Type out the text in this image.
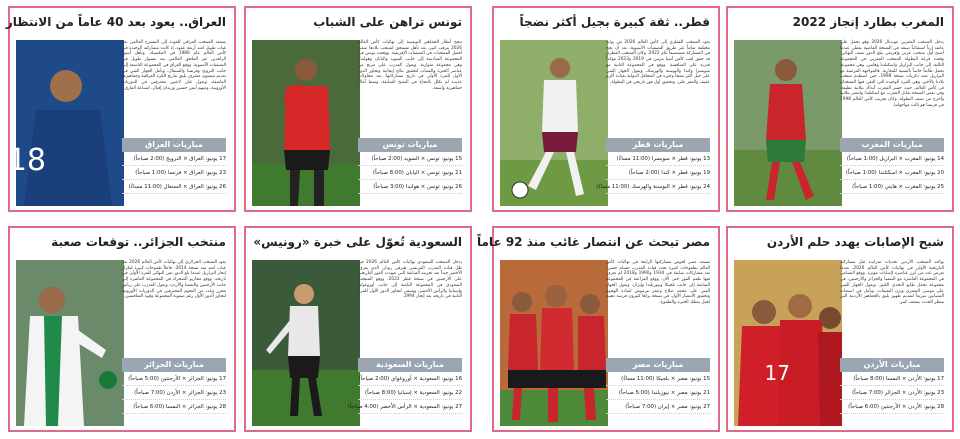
المغرب بطارد إنجاز 2022
يدخل المنتخب المغربي مونديال 2026 وهو يحمل على عاتقه إرثاً استثنائياً صنعه في النسخة الماضية بقطر، عندما أصبح أول منتخب عربي وإفريقي يبلغ الدور نصف النهائي. وقعت قرعة البطولة المنتخب المغربي في المجموعة الثالثة، إلى جانب البرازيل واسكتلندا وهايتي، وهي مجموعة تحمل طابعاً خاصاً بالنسبة للمغاربة. فالمواجهة المرتقبة مع البرازيل تعيد ذكريات نسخة 1998، حين اصطدم منتخب بلادنا بالأخير، وهي المرة الوحيدة التي التقى فيها المنتخبان في كأس العالم، حيث خسر المغرب آنذاك بثلاثية نظيفة. وفي نفس النسخة تقابل المغرب مع اسكتلندا وانتصر بثلاثية وأخرج من نصف البطولة، وكان تجريب كأس العالم 1998 في فرنسا هو ثالث مواجهاتنا.
مباريات المغرب
14 يونيو: المغرب × البرازيل (1:00 صباحاً)
20 يونيو: المغرب × اسكتلندا (1:00 صباحاً)
25 يونيو: المغرب × هايتي (1:00 صباحاً)
قطر.. ثقة كبيرة بجيل أكثر نضجاً
يعود المنتخب القطري إلى كأس العالم 2026 من بوابة مختلفة تماماً عبر طريق التصفيات الآسيوية، بعد أن نجح في المشاركة مستضيفاً عام 2022. وكان المنتخب القطري قد حقق لقب كأس آسيا مرتين في 2019 و2023 مؤكداً قدرته على المنافسة. ووقع في المجموعة الثانية مع سويسرا وكندا والبوسنة والهرسك، ويعول الجهاز الفني على جيل أكثر نضجاً وخبرة في المحافل الدولية بقيادة أكرم عفيف والمعز علي، وتحقيق أول فوز تاريخي في البطولة.
مباريات قطر
13 يونيو: قطر × سويسرا (11:00 مساءً)
19 يونيو: قطر × كندا (2:00 صباحاً)
24 يونيو: قطر × البوسنة والهرسك (11:00 مساءً)
تونس تراهن على الشباب
تنجح أنظار الجماهير التونسية إلى نهائيات كأس العالم 2026 بترقب كبير، بعد تأهل مستحق لمنتخب بلادها ضمن أفضل المنتخبات في التصفيات الإفريقية. ووقعت تونس في المجموعة السادسة إلى جانب السويد واليابان وهولندا، وهي مجموعة متوازنة. ويعول المدرب على مزيج من عناصر الخبرة والشباب لتحقيق نتائج إيجابية وتجاوز الدور الأول للمرة الأولى في تاريخ مشاركاتها، بعد محاولات عديدة لم تكلل بالنجاح في النسخ السابقة، وسط آمال جماهيرية واسعة.
مباريات تونس
15 يونيو: تونس × السويد (2:00 صباحاً)
21 يونيو: تونس × اليابان (8:00 صباحاً)
26 يونيو: تونس × هولندا (3:00 صباحاً)
العراق.. يعود بعد 40 عاماً من الانتظار
18
يستعد المنتخب العراقي للعودة إلى المسرح العالمي بعد غياب طويل امتد أربعة عقود، إذ كانت مشاركته الوحيدة في كأس العالم عام 1986 في المكسيك. وتأهل أسود الرافدين عبر الملحق العالمي بعد مشوار طويل في التصفيات الآسيوية. ووقع العراق في المجموعة التاسعة إلى جانب النرويج وفرنسا والسنغال، ويأمل الجهاز الفني في تقديم مستوى مشرف يليق بتاريخ الكرة العراقية وجماهيرها العاشقة، ويعول على لاعبين محترفين في الدوريات الأوروبية، ومنهم أيمن حسين وزيدان إقبال، لصناعة الفارق.
مباريات العراق
17 يونيو: العراق × النرويج (2:00 صباحاً)
23 يونيو: العراق × فرنسا (1:00 صباحاً)
26 يونيو: العراق × السنغال (11:00 مساءً)
شبح الإصابات يهدد حلم الأردن
17
يواجه المنتخب الأردني تحديات متزايدة قبل مشاركته التاريخية الأولى في نهائيات كأس العالم 2026، بعدما تعرض عدد من أبرز عناصره لإصابات مؤثرة. ووقع النشامى في المجموعة العاشرة مع النمسا والجزائر والأرجنتين، في مجموعة تحمل طابع التحدي الكبير. ويعول الجهاز الفني على موسى التعمري ويزن النعيمات، ويأمل في استعادة المصابين سريعاً لتقديم ظهور يليق بالجماهير الأردنية التي تنتظر الحدث بشغف كبير.
مباريات الأردن
17 يونيو: الأردن × النمسا (8:00 صباحاً)
23 يونيو: الأردن × الجزائر (7:00 صباحاً)
28 يونيو: الأردن × الأرجنتين (6:00 صباحاً)
مصر تبحث عن انتصار غائب منذ 92 عاماً
تستعد مصر لخوض مشاركتها الرابعة في نهائيات كأس العالم بطموحات كبيرة تحت قيادة المدرب حسام حسن، بعد مشاركات سابقة في 1934 و1990 و2018 لم تعرف فيها طعم الفوز حتى الآن. ووقع الفراعنة في المجموعة السابعة إلى جانب بلجيكا ونيوزيلندا وإيران، ويعول الجهاز الفني على محمد صلاح وعمر مرموش لقيادة الهجوم وتحقيق الانتصار الأول، في نسخة يراها كثيرون فرصة ذهبية لجيل يمتلك الخبرة والطموح.
مباريات مصر
15 يونيو: مصر × بلجيكا (11:00 مساءً)
21 يونيو: مصر × نيوزيلندا (5:00 صباحاً)
27 يونيو: مصر × إيران (7:00 صباحاً)
السعودية تُعوّل على خبرة «رونيس»
يدخل المنتخب السعودي نهائيات كأس العالم 2026 في ظل قيادة المدرب الفرنسي هيرفي رونار، الذي يعرف الأخضر جيداً بعد تجربته السابقة التي شهدت الفوز التاريخي على الأرجنتين في نسخة قطر 2022. ووقع المنتخب السعودي في المجموعة الثامنة إلى جانب أوروغواي وإسبانيا والرأس الأخضر، ويسعى لتجاوز الدور الأول للمرة الثانية في تاريخه بعد إنجاز 1994.
مباريات السعودية
16 يونيو: السعودية × أوروغواي (2:00 صباحاً)
22 يونيو: السعودية × إسبانيا (8:00 صباحاً)
27 يونيو: السعودية × الرأس الأخضر (4:00 صباحاً)
منتخب الجزائر.. توقعات صعبة
يعود المنتخب الجزائري إلى نهائيات كأس العالم 2026 بعد غياب امتد منذ نسخة 2014، حاملاً طموحات كبيرة لتكرار إنجاز البرازيل عندما بلغ الدور ثمن النهائي للمرة الأولى في تاريخه. ووقع محاربو الصحراء في المجموعة العاشرة إلى جانب الأرجنتين والنمسا والأردن، ويعول المدرب على رياض محرز وعدد من النجوم المحترفين في الدوريات الأوروبية لتجاوز الدور الأول رغم صعوبة المجموعة وقوة المنافسين.
مباريات الجزائر
17 يونيو: الجزائر × الأرجنتين (5:00 صباحاً)
23 يونيو: الجزائر × الأردن (7:00 صباحاً)
28 يونيو: الجزائر × النمسا (6:00 صباحاً)
